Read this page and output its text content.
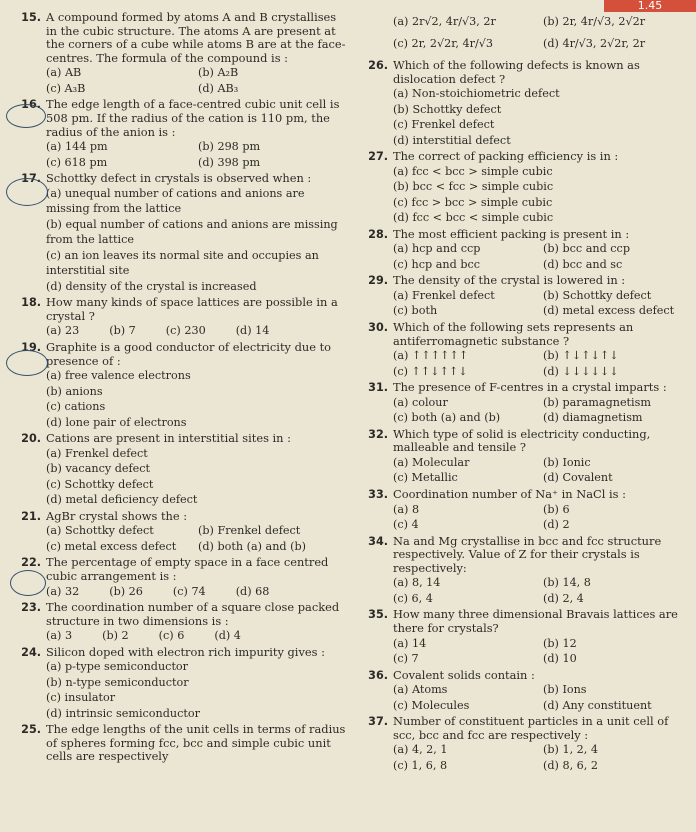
1.45
15. A compound formed by atoms A and B crystallises in the cubic structure. The atoms A are present at the corners of a cube while atoms B are at the face-centres. The formula of the compound is :
(a) AB	(b) A₂B
(c) A₃B	(d) AB₃
16. The edge length of a face-centred cubic unit cell is 508 pm. If the radius of the cation is 110 pm, the radius of the anion is :
(a) 144 pm	(b) 298 pm
(c) 618 pm	(d) 398 pm
17. Schottky defect in crystals is observed when :
(a) unequal number of cations and anions are missing from the lattice
(b) equal number of cations and anions are missing from the lattice
(c) an ion leaves its normal site and occupies an interstitial site
(d) density of the crystal is increased
18. How many kinds of space lattices are possible in a crystal ?
(a) 23	(b) 7	(c) 230	(d) 14
19. Graphite is a good conductor of electricity due to presence of :
(a) free valence electrons
(b) anions
(c) cations
(d) lone pair of electrons
20. Cations are present in interstitial sites in :
(a) Frenkel defect
(b) vacancy defect
(c) Schottky defect
(d) metal deficiency defect
21. AgBr crystal shows the :
(a) Schottky defect	(b) Frenkel defect
(c) metal excess defect	(d) both (a) and (b)
22. The percentage of empty space in a face centred cubic arrangement is :
(a) 32	(b) 26	(c) 74	(d) 68
23. The coordination number of a square close packed structure in two dimensions is :
(a) 3	(b) 2	(c) 6	(d) 4
24. Silicon doped with electron rich impurity gives :
(a) p-type semiconductor
(b) n-type semiconductor
(c) insulator
(d) intrinsic semiconductor
25. The edge lengths of the unit cells in terms of radius of spheres forming fcc, bcc and simple cubic unit cells are respectively
(a) 2r√2, 4r/√3, 2r	(b) 2r, 4r/√3, 2√2r
(c) 2r, 2√2r, 4r/√3	(d) 4r/√3, 2√2r, 2r
26. Which of the following defects is known as dislocation defect ?
(a) Non-stoichiometric defect
(b) Schottky defect
(c) Frenkel defect
(d) interstitial defect
27. The correct of packing efficiency is in :
(a) fcc < bcc > simple cubic
(b) bcc < fcc > simple cubic
(c) fcc > bcc > simple cubic
(d) fcc < bcc < simple cubic
28. The most efficient packing is present in :
(a) hcp and ccp	(b) bcc and ccp
(c) hcp and bcc	(d) bcc and sc
29. The density of the crystal is lowered in :
(a) Frenkel defect	(b) Schottky defect
(c) both	(d) metal excess defect
30. Which of the following sets represents an antiferromagnetic substance ?
(a) ↑↑↑↑↑↑	(b) ↑↓↑↓↑↓
(c) ↑↑↓↑↑↓	(d) ↓↓↓↓↓↓
31. The presence of F-centres in a crystal imparts :
(a) colour	(b) paramagnetism
(c) both (a) and (b)	(d) diamagnetism
32. Which type of solid is electricity conducting, malleable and tensile ?
(a) Molecular	(b) Ionic
(c) Metallic	(d) Covalent
33. Coordination number of Na⁺ in NaCl is :
(a) 8	(b) 6
(c) 4	(d) 2
34. Na and Mg crystallise in bcc and fcc structure respectively. Value of Z for their crystals is respectively:
(a) 8, 14	(b) 14, 8
(c) 6, 4	(d) 2, 4
35. How many three dimensional Bravais lattices are there for crystals?
(a) 14	(b) 12
(c) 7	(d) 10
36. Covalent solids contain :
(a) Atoms	(b) Ions
(c) Molecules	(d) Any constituent
37. Number of constituent particles in a unit cell of scc, bcc and fcc are respectively :
(a) 4, 2, 1	(b) 1, 2, 4
(c) 1, 6, 8	(d) 8, 6, 2
